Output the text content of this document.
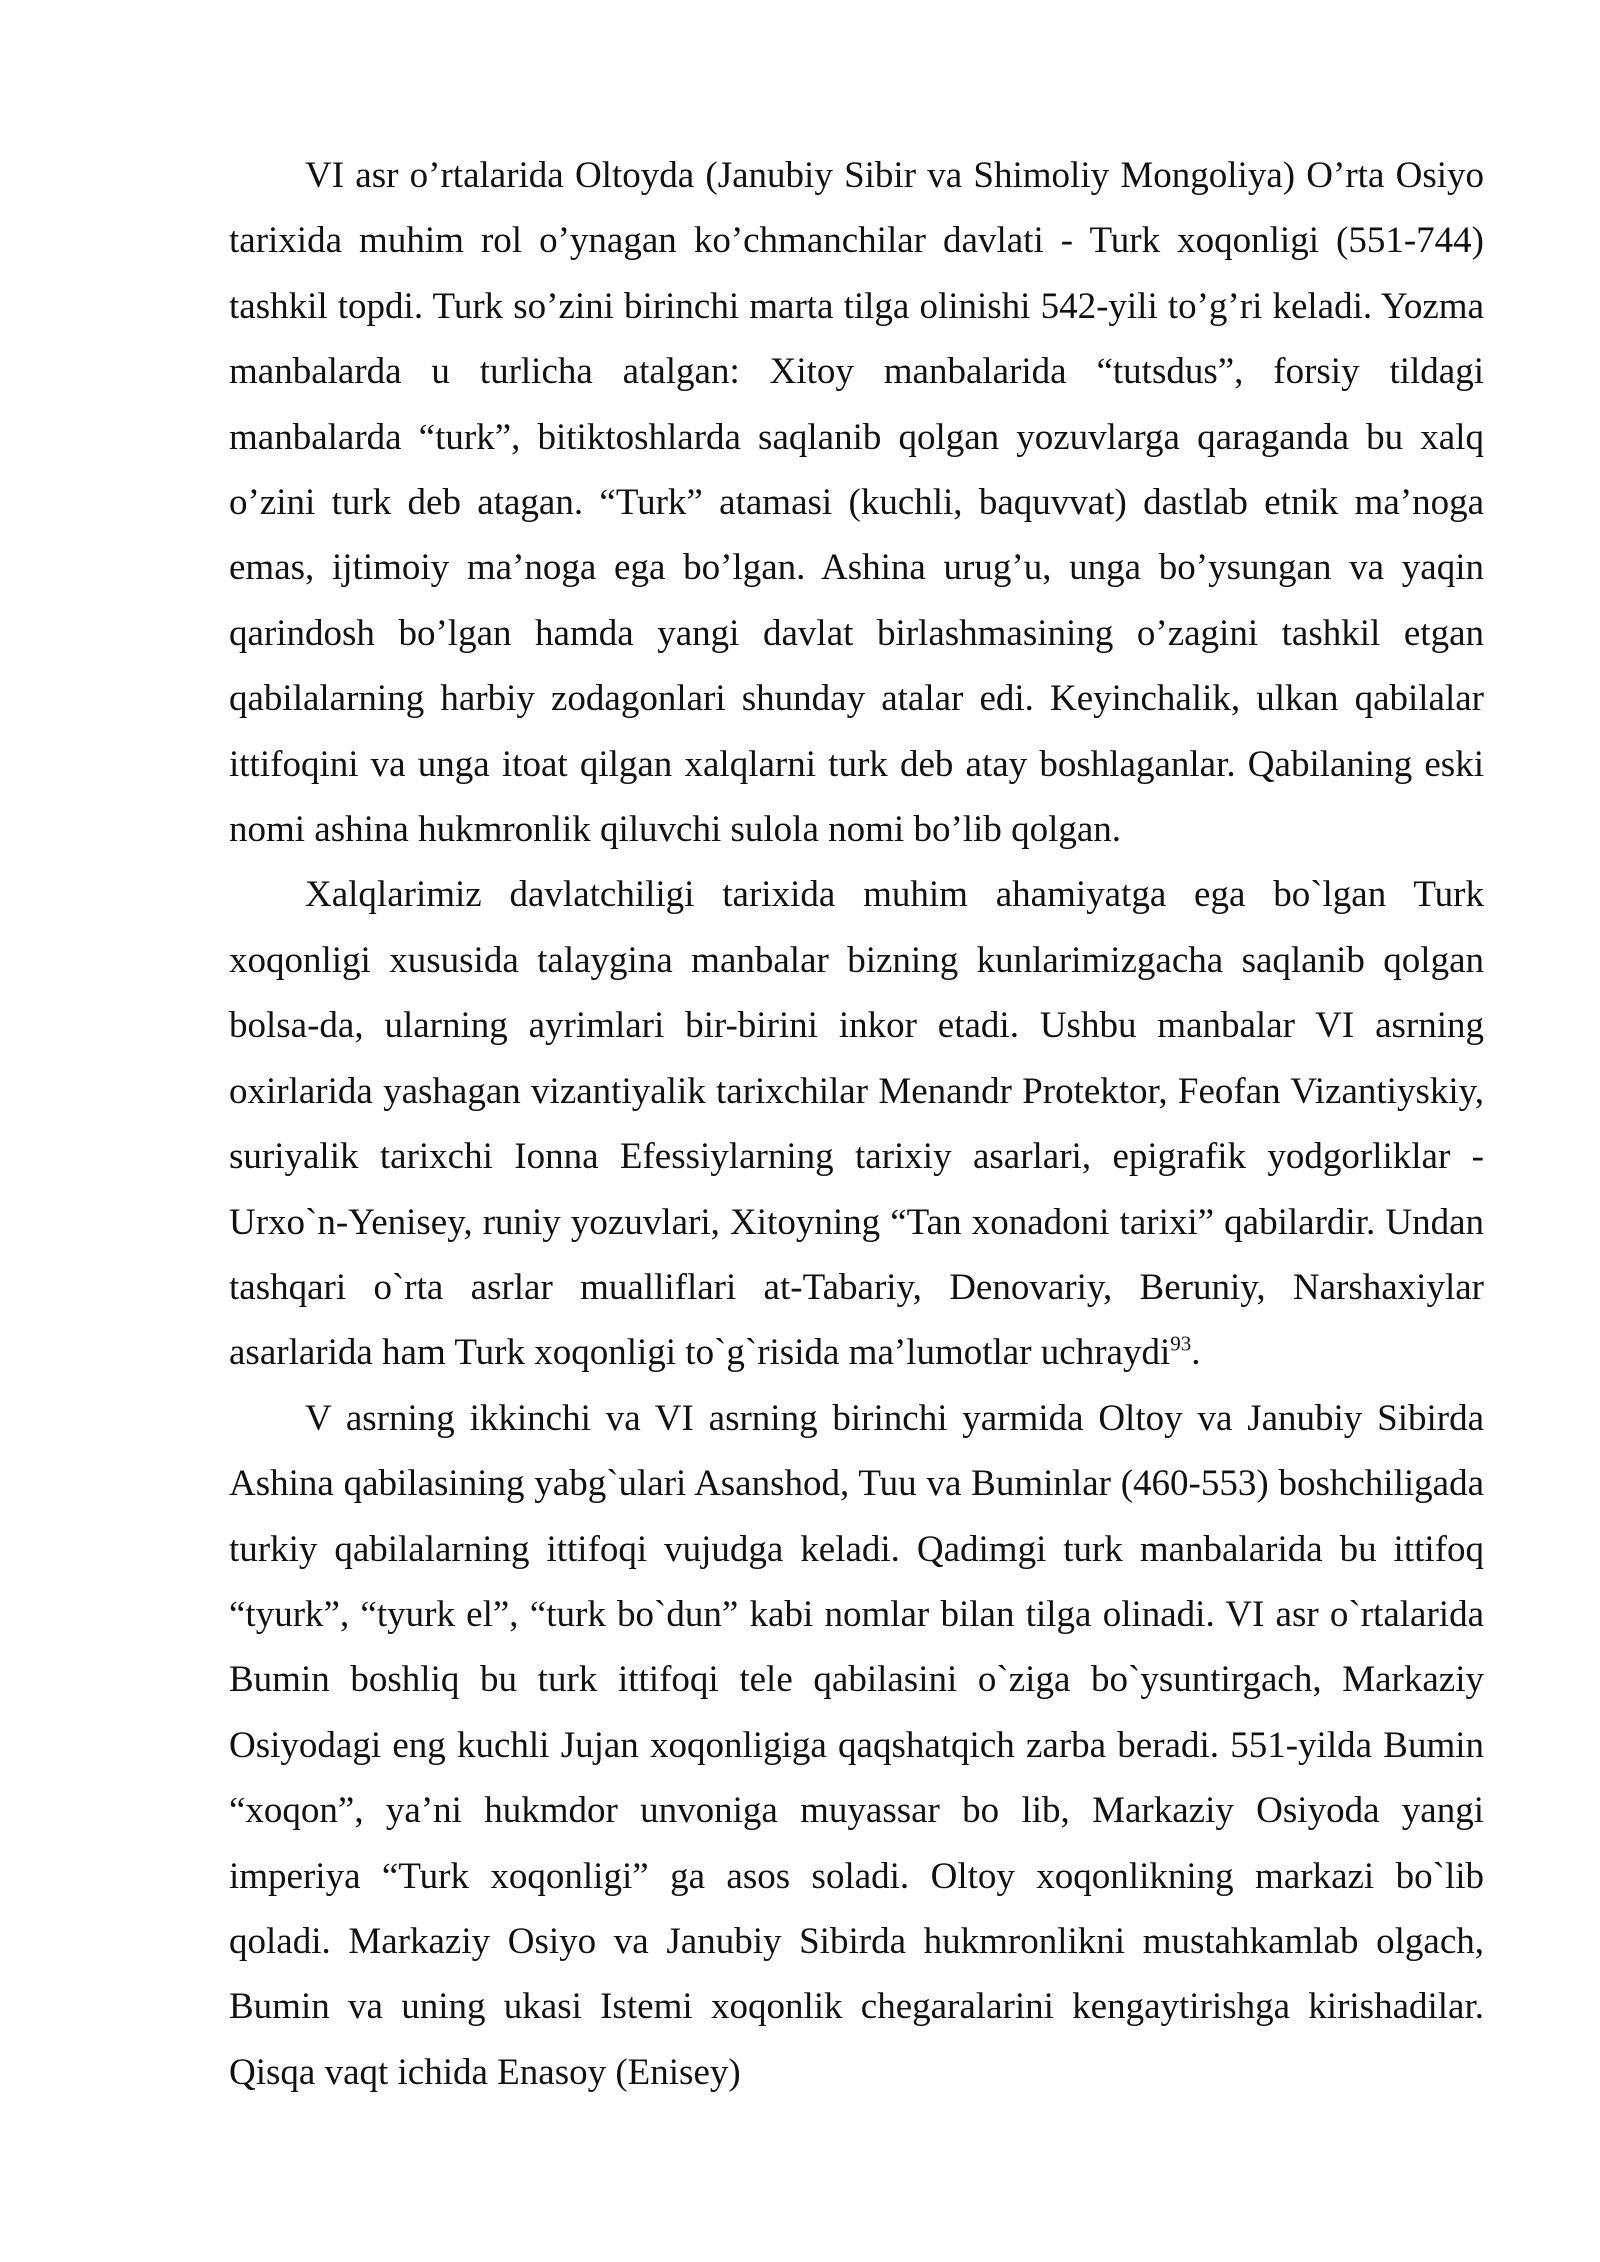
VI asr o’rtalarida Oltoyda (Janubiy Sibir va Shimoliy Mongoliya) O’rta Osiyo tarixida muhim rol o’ynagan ko’chmanchilar davlati - Turk xoqonligi (551-744) tashkil topdi. Turk so’zini birinchi marta tilga olinishi 542-yili to’g’ri keladi. Yozma manbalarda u turlicha atalgan: Xitoy manbalarida “tutsdus”, forsiy tildagi manbalarda “turk”, bitiktoshlarda saqlanib qolgan yozuvlarga qaraganda bu xalq o’zini turk deb atagan. “Turk” atamasi (kuchli, baquvvat) dastlab etnik ma’noga emas, ijtimoiy ma’noga ega bo’lgan. Ashina urug’u, unga bo’ysungan va yaqin qarindosh bo’lgan hamda yangi davlat birlashmasining o’zagini tashkil etgan qabilalarning harbiy zodagonlari shunday atalar edi. Keyinchalik, ulkan qabilalar ittifoqini va unga itoat qilgan xalqlarni turk deb atay boshlaganlar. Qabilaning eski nomi ashina hukmronlik qiluvchi sulola nomi bo’lib qolgan.

Xalqlarimiz davlatchiligi tarixida muhim ahamiyatga ega bo`lgan Turk xoqonligi xususida talaygina manbalar bizning kunlarimizgacha saqlanib qolgan bolsa-da, ularning ayrimlari bir-birini inkor etadi. Ushbu manbalar VI asrning oxirlarida yashagan vizantiyalik tarixchilar Menandr Protektor, Feofan Vizantiyskiy, suriyalik tarixchi Ionna Efessiylarning tarixiy asarlari, epigrafik yodgorliklar - Urxo`n-Yenisey, runiy yozuvlari, Xitoyning “Tan xonadoni tarixi” qabilardir. Undan tashqari o`rta asrlar mualliflari at-Tabariy, Denovariy, Beruniy, Narshaxiylar asarlarida ham Turk xoqonligi to`g`risida ma’lumotlar uchraydi$^{93}$.

V asrning ikkinchi va VI asrning birinchi yarmida Oltoy va Janubiy Sibirda Ashina qabilasining yabg`ulari Asanshod, Tuu va Buminlar (460-553) boshchiligada turkiy qabilalarning ittifoqi vujudga keladi. Qadimgi turk manbalarida bu ittifoq “tyurk”, “tyurk el”, “turk bo`dun” kabi nomlar bilan tilga olinadi. VI asr o`rtalarida Bumin boshliq bu turk ittifoqi tele qabilasini o`ziga bo`ysuntirgach, Markaziy Osiyodagi eng kuchli Jujan xoqonligiga qaqshatqich zarba beradi. 551-yilda Bumin “xoqon”, ya’ni hukmdor unvoniga muyassar bo lib, Markaziy Osiyoda yangi imperiya “Turk xoqonligi” ga asos soladi. Oltoy xoqonlikning markazi bo`lib qoladi. Markaziy Osiyo va Janubiy Sibirda hukmronlikni mustahkamlab olgach, Bumin va uning ukasi Istemi xoqonlik chegaralarini kengaytirishga kirishadilar. Qisqa vaqt ichida Enasoy (Enisey)
